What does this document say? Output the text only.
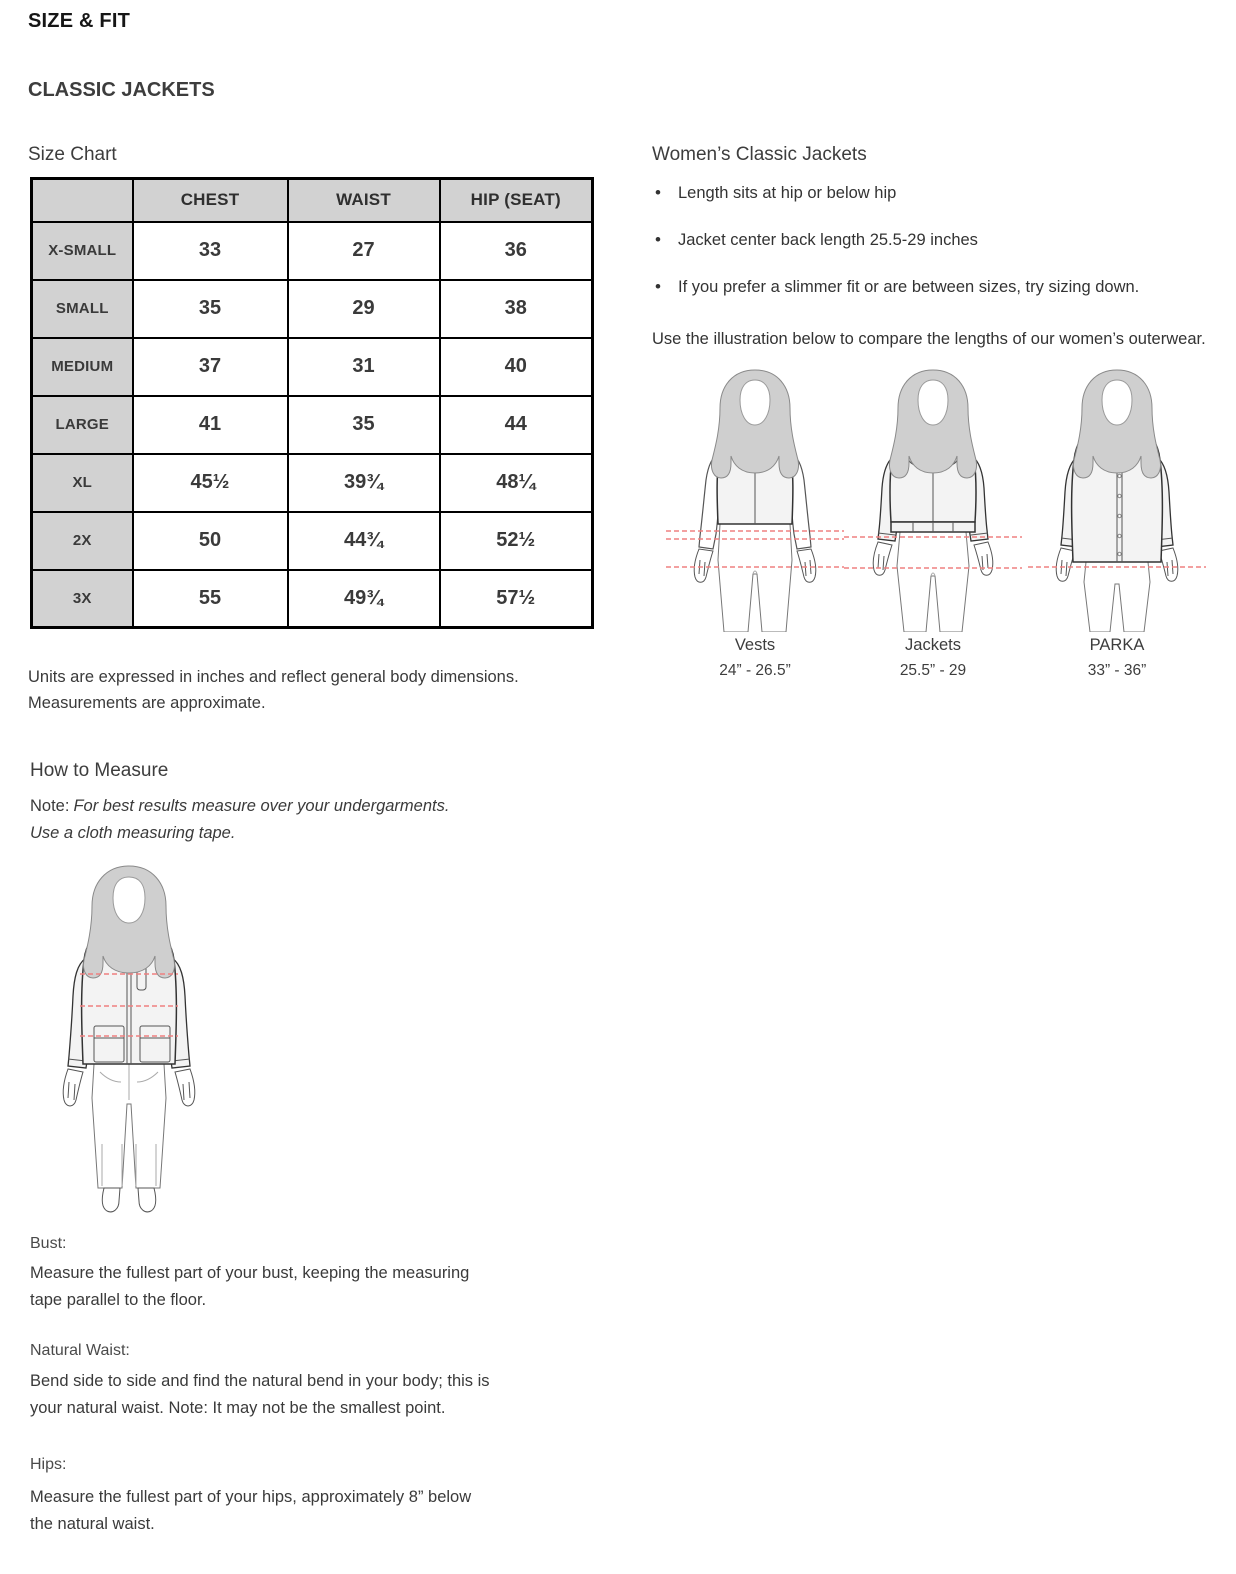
SIZE & FIT
CLASSIC JACKETS
Size Chart
	CHEST	WAIST	HIP (SEAT)
X-SMALL	33	27	36
SMALL	35	29	38
MEDIUM	37	31	40
LARGE	41	35	44
XL	45½	39¾	48¼
2X	50	44¾	52½
3X	55	49¾	57½
Units are expressed in inches and reflect general body dimensions. Measurements are approximate.
Women’s Classic Jackets
• Length sits at hip or below hip
• Jacket center back length 25.5-29 inches
• If you prefer a slimmer fit or are between sizes, try sizing down.
Use the illustration below to compare the lengths of our women’s outerwear.
Vests
24” - 26.5”
Jackets
25.5” - 29
PARKA
33” - 36”
How to Measure
Note: For best results measure over your undergarments. Use a cloth measuring tape.
Bust:
Measure the fullest part of your bust, keeping the measuring tape parallel to the floor.
Natural Waist:
Bend side to side and find the natural bend in your body; this is your natural waist. Note: It may not be the smallest point.
Hips:
Measure the fullest part of your hips, approximately 8” below the natural waist.
